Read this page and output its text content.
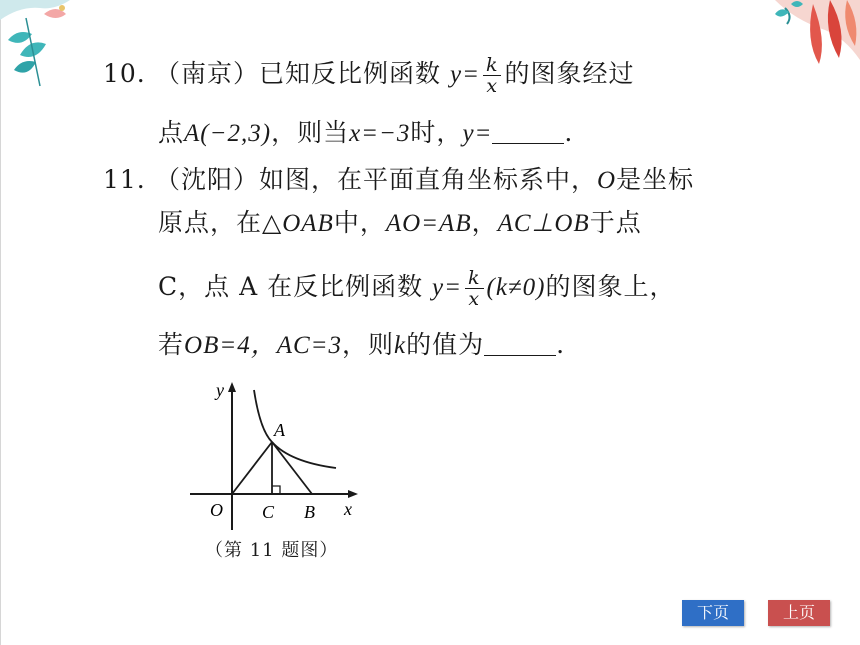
10. （南京）已知反比例函数 $y= \frac{k}{x}$ 的图象经过
点A(−2,3)，则当x=−3时，y=	.
11. （沈阳）如图，在平面直角坐标系中，O是坐标
原点，在△OAB中，AO=AB，AC⊥OB于点
C，点 A 在反比例函数 $y= \frac{k}{x} (k\ne 0)$的图象上，
若OB=4，AC=3，则k的值为	.
y
x
O
A
C B
（第 11 题图）
下页	上页
